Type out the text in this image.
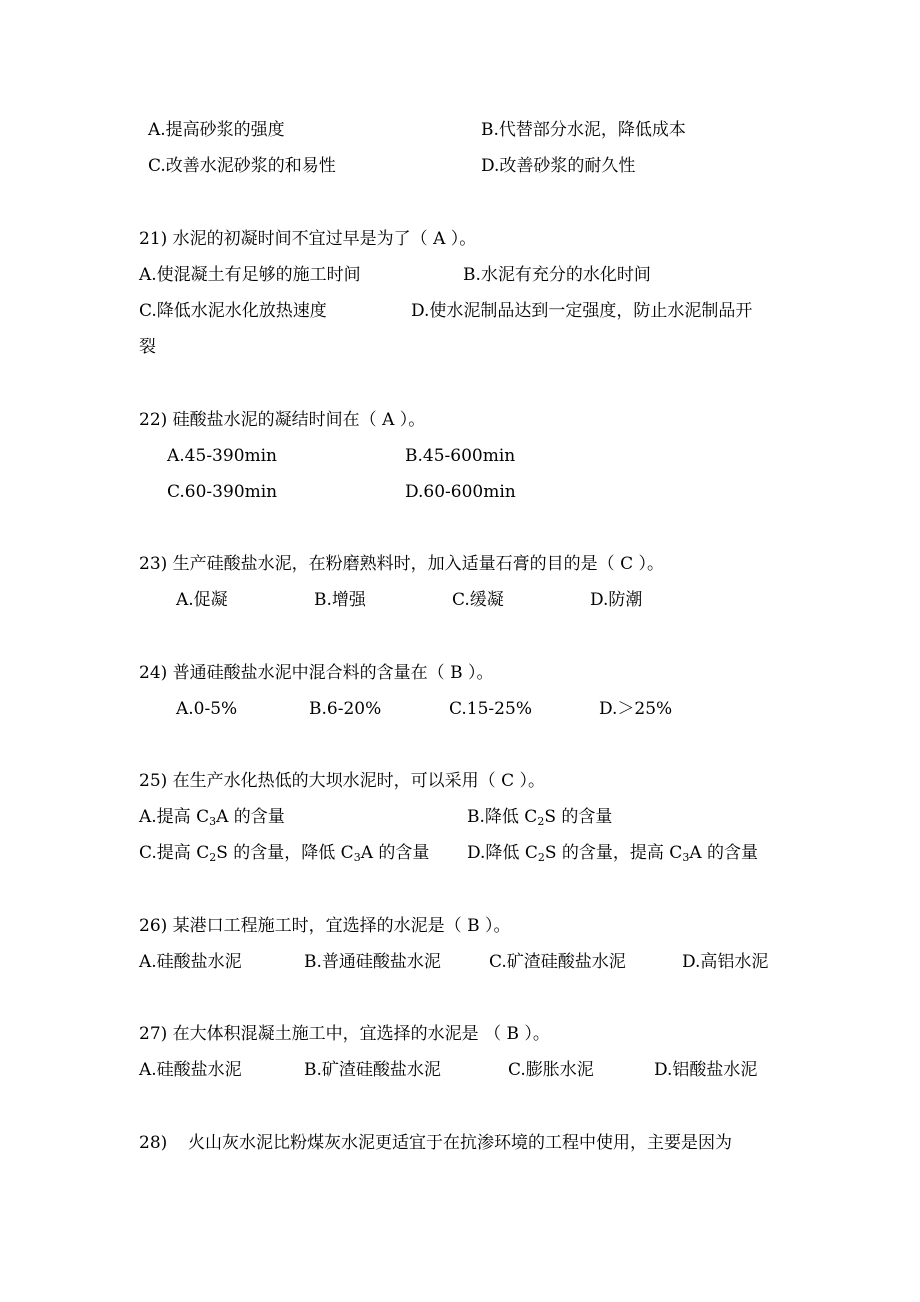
A.提高砂浆的强度	B.代替部分水泥，降低成本
C.改善水泥砂浆的和易性	D.改善砂浆的耐久性
21) 水泥的初凝时间不宜过早是为了（ A ）。
A.使混凝土有足够的施工时间	B.水泥有充分的水化时间
C.降低水泥水化放热速度	D.使水泥制品达到一定强度，防止水泥制品开
裂
22) 硅酸盐水泥的凝结时间在（ A ）。
A.45-390min	B.45-600min
C.60-390min	D.60-600min
23) 生产硅酸盐水泥，在粉磨熟料时，加入适量石膏的目的是（ C ）。
A.促凝	B.增强	C.缓凝	D.防潮
24) 普通硅酸盐水泥中混合料的含量在（ B ）。
A.0-5%	B.6-20%	C.15-25%	D.＞25%
25) 在生产水化热低的大坝水泥时，可以采用（ C ）。
A.提高 $C_3A$ 的含量	B.降低 $C_2S$ 的含量
C.提高 $C_2S$ 的含量，降低 $C_3A$ 的含量 D.降低 $C_2S$ 的含量，提高 $C_3A$ 的含量
26) 某港口工程施工时，宜选择的水泥是（ B ）。
A.硅酸盐水泥	B.普通硅酸盐水泥	C.矿渣硅酸盐水泥	D.高铝水泥
27) 在大体积混凝土施工中，宜选择的水泥是 （ B ）。
A.硅酸盐水泥	B.矿渣硅酸盐水泥	C.膨胀水泥	D.铝酸盐水泥
28) 火山灰水泥比粉煤灰水泥更适宜于在抗渗环境的工程中使用，主要是因为
